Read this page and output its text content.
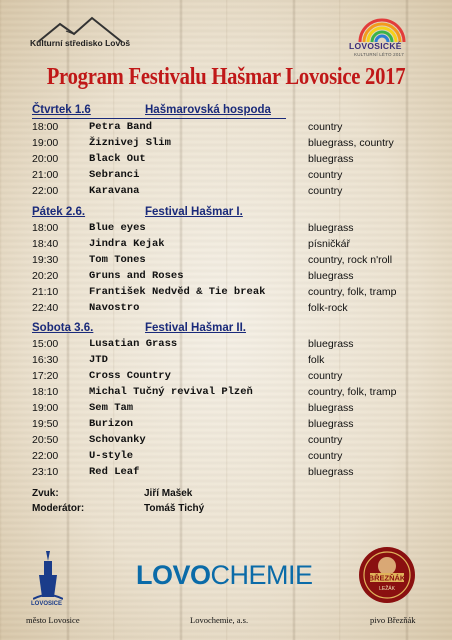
Kulturní středisko Lovoš	LOVOSICKÉ
KULTURNÍ LÉTO 2017
Program Festivalu Hašmar Lovosice 2017
Čtvrtek 1.6	Hašmarovská hospoda
18:00	Petra Band	country
19:00	Žiznivej Slim	bluegrass, country
20:00	Black Out	bluegrass
21:00	Sebranci	country
22:00	Karavana	country
Pátek 2.6.	Festival Hašmar I.
18:00	Blue eyes	bluegrass
18:40	Jindra Kejak	písničkář
19:30	Tom Tones	country, rock n'roll
20:20	Gruns and Roses	bluegrass
21:10	František Nedvěd & Tie break	country, folk, tramp
22:40	Navostro	folk-rock
Sobota 3.6.	Festival Hašmar II.
15:00	Lusatian Grass	bluegrass
16:30	JTD	folk
17:20	Cross Country	country
18:10	Michal Tučný revival Plzeň	country, folk, tramp
19:00	Sem Tam	bluegrass
19:50	Burizon	bluegrass
20:50	Schovanky	country
22:00	U-style	country
23:10	Red Leaf	bluegrass
Zvuk:	Jiří Mašek
Moderátor:	Tomáš Tichý
LOVOSICE
město Lovosice
LOVOCHEMIE
Lovochemie, a.s.
BŘEZŇÁK
LEŽÁK
pivo Březňák
